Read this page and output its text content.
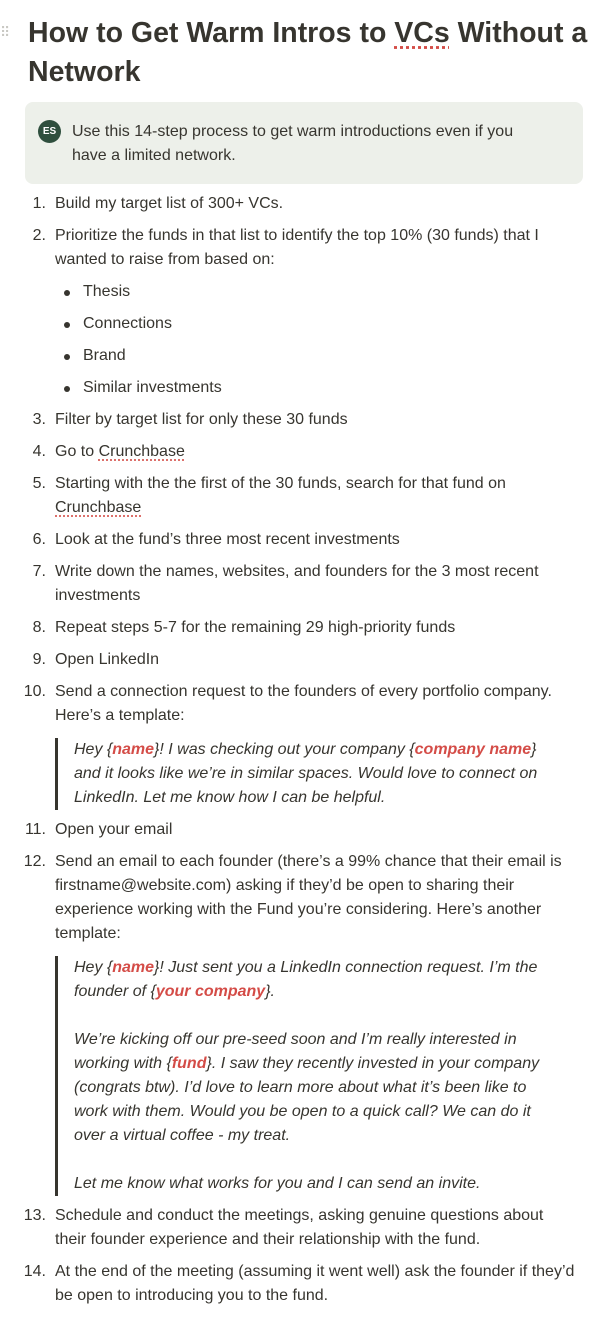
⠿ How to Get Warm Intros to VCs Without a Network
ES Use this 14-step process to get warm introductions even if you have a limited network.
1. Build my target list of 300+ VCs.
2. Prioritize the funds in that list to identify the top 10% (30 funds) that I wanted to raise from based on:
Thesis
Connections
Brand
Similar investments
3. Filter by target list for only these 30 funds
4. Go to Crunchbase
5. Starting with the the first of the 30 funds, search for that fund on Crunchbase
6. Look at the fund’s three most recent investments
7. Write down the names, websites, and founders for the 3 most recent investments
8. Repeat steps 5-7 for the remaining 29 high-priority funds
9. Open LinkedIn
10. Send a connection request to the founders of every portfolio company. Here’s a template:
Hey {name}! I was checking out your company {company name} and it looks like we’re in similar spaces. Would love to connect on LinkedIn. Let me know how I can be helpful.
11. Open your email
12. Send an email to each founder (there’s a 99% chance that their email is firstname@website.com) asking if they’d be open to sharing their experience working with the Fund you’re considering. Here’s another template:
Hey {name}! Just sent you a LinkedIn connection request. I’m the founder of {your company}.
We’re kicking off our pre-seed soon and I’m really interested in working with {fund}. I saw they recently invested in your company (congrats btw). I’d love to learn more about what it’s been like to work with them. Would you be open to a quick call? We can do it over a virtual coffee - my treat.
Let me know what works for you and I can send an invite.
13. Schedule and conduct the meetings, asking genuine questions about their founder experience and their relationship with the fund.
14. At the end of the meeting (assuming it went well) ask the founder if they’d be open to introducing you to the fund.
